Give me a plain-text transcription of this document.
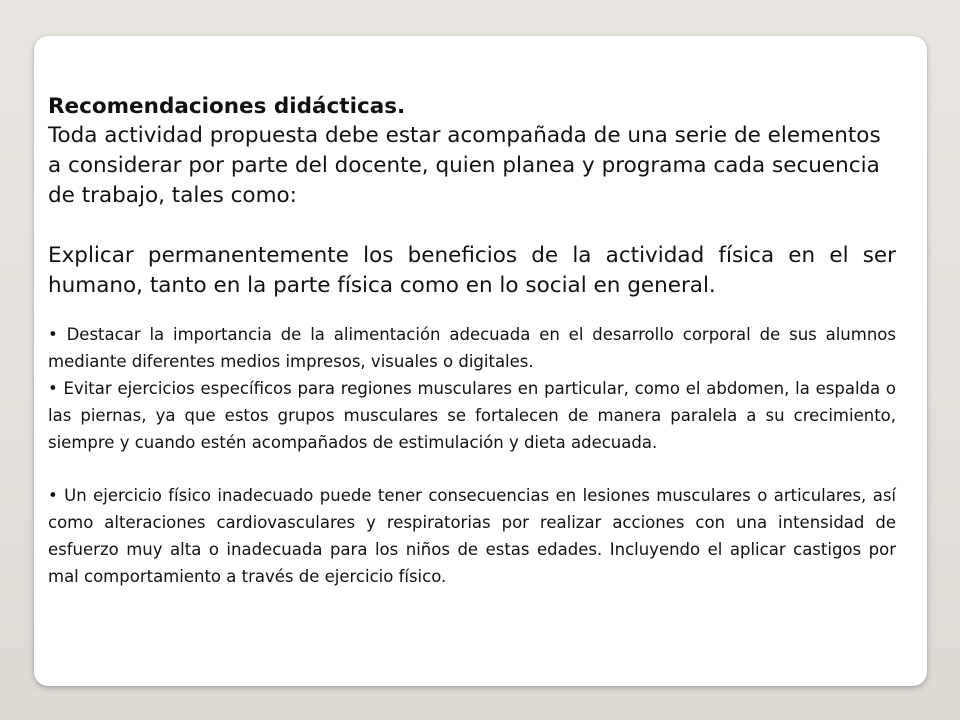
Recomendaciones didácticas.

Toda actividad propuesta debe estar acompañada de una serie de elementos a considerar por parte del docente, quien planea y programa cada secuencia de trabajo, tales como:

Explicar permanentemente los beneficios de la actividad física en el ser humano, tanto en la parte física como en lo social en general.

• Destacar la importancia de la alimentación adecuada en el desarrollo corporal de sus alumnos mediante diferentes medios impresos, visuales o digitales.

• Evitar ejercicios específicos para regiones musculares en particular, como el abdomen, la espalda o las piernas, ya que estos grupos musculares se fortalecen de manera paralela a su crecimiento, siempre y cuando estén acompañados de estimulación y dieta adecuada.

• Un ejercicio físico inadecuado puede tener consecuencias en lesiones musculares o articulares, así como alteraciones cardiovasculares y respiratorias por realizar acciones con una intensidad de esfuerzo muy alta o inadecuada para los niños de estas edades. Incluyendo el aplicar castigos por mal comportamiento a través de ejercicio físico.
